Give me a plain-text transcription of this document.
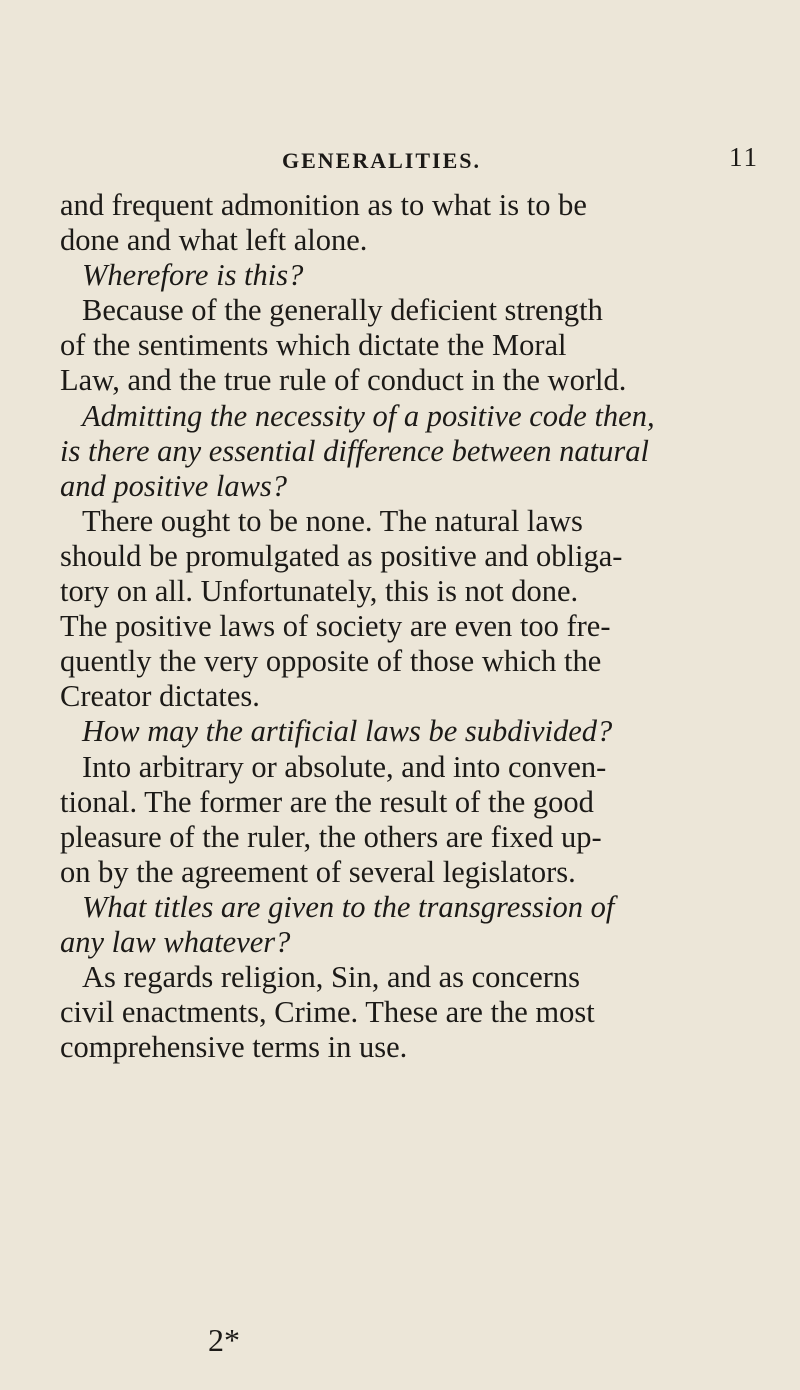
GENERALITIES.	11
and frequent admonition as to what is to be
done and what left alone.
Wherefore is this?
Because of the generally deficient strength
of the sentiments which dictate the Moral
Law, and the true rule of conduct in the world.
Admitting the necessity of a positive code then,
is there any essential difference between natural
and positive laws?
There ought to be none. The natural laws
should be promulgated as positive and obliga-
tory on all. Unfortunately, this is not done.
The positive laws of society are even too fre-
quently the very opposite of those which the
Creator dictates.
How may the artificial laws be subdivided?
Into arbitrary or absolute, and into conven-
tional. The former are the result of the good
pleasure of the ruler, the others are fixed up-
on by the agreement of several legislators.
What titles are given to the transgression of
any law whatever?
As regards religion, Sin, and as concerns
civil enactments, Crime. These are the most
comprehensive terms in use.
2*
